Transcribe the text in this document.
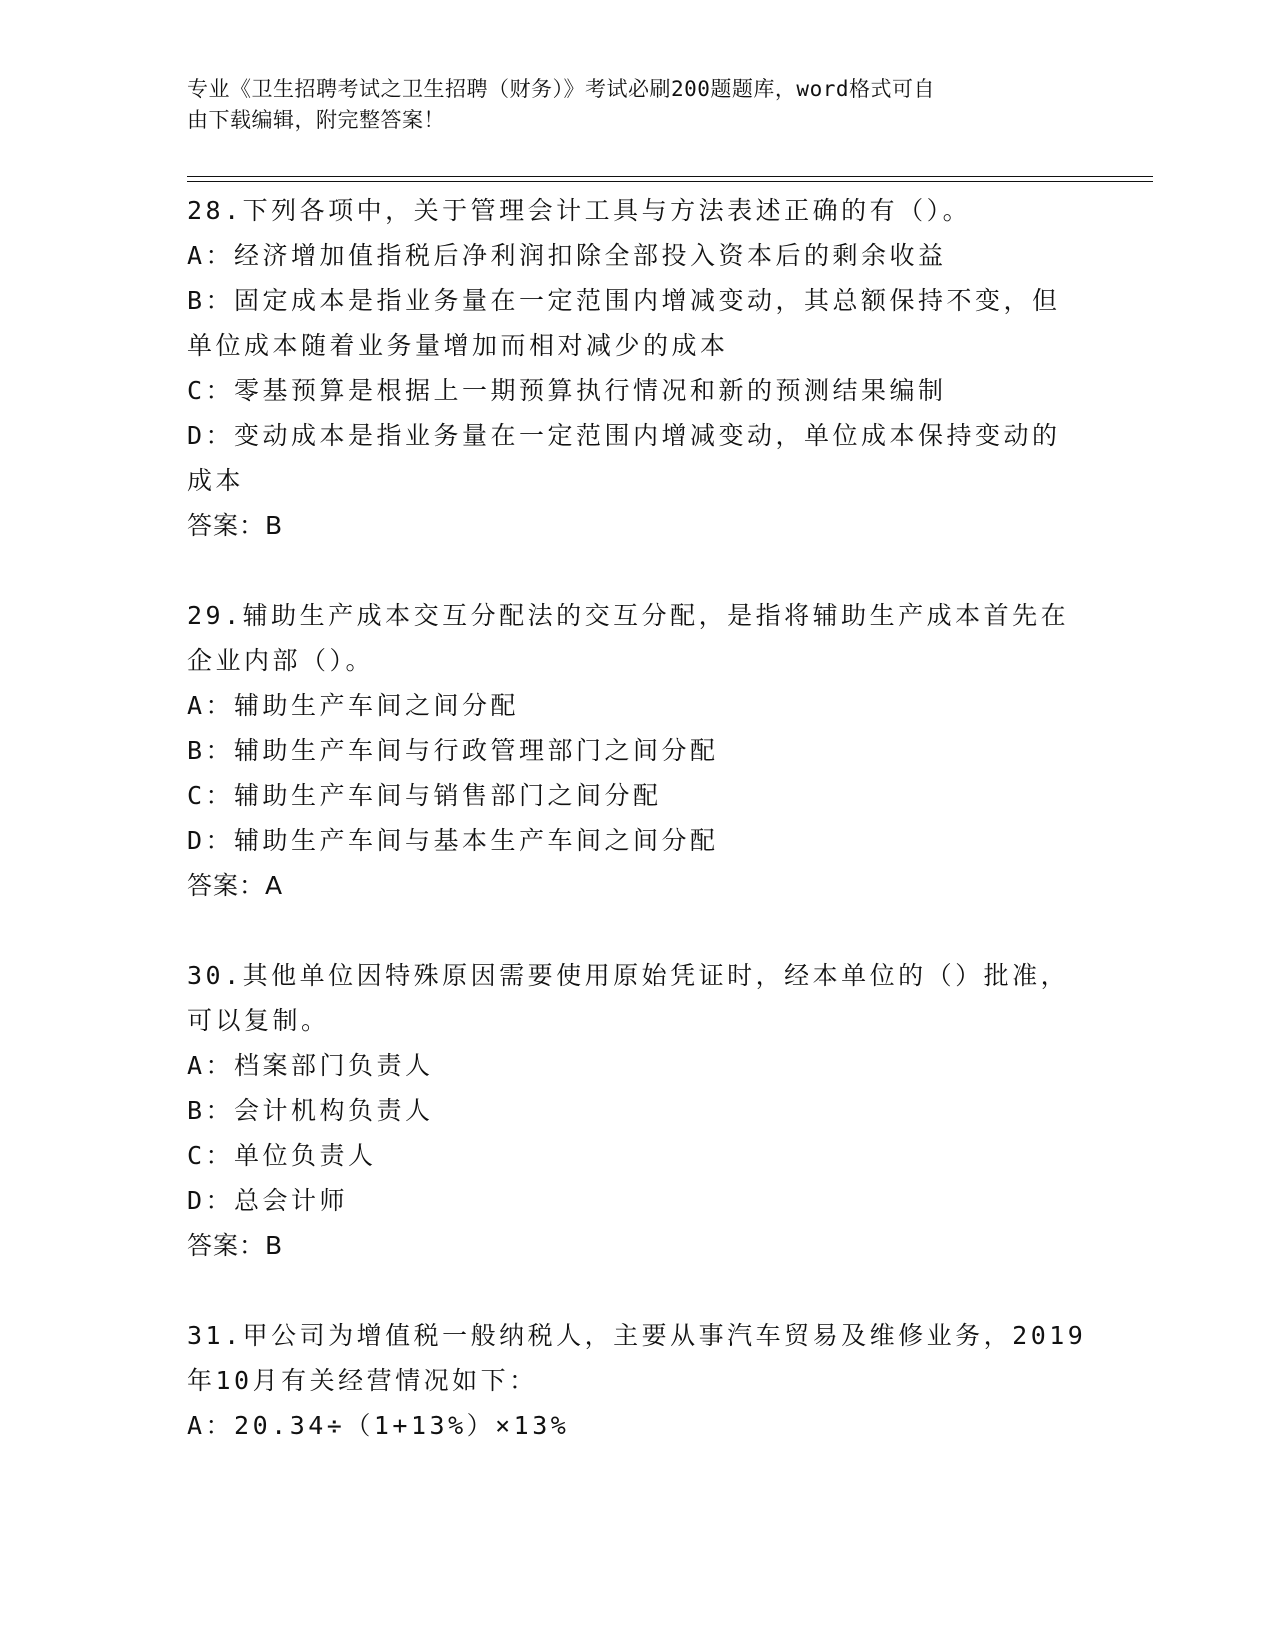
专业《卫生招聘考试之卫生招聘（财务）》考试必刷200题题库，word格式可自
由下载编辑，附完整答案！
28.下列各项中，关于管理会计工具与方法表述正确的有（）。
A：经济增加值指税后净利润扣除全部投入资本后的剩余收益
B：固定成本是指业务量在一定范围内增减变动，其总额保持不变，但
单位成本随着业务量增加而相对减少的成本
C：零基预算是根据上一期预算执行情况和新的预测结果编制
D：变动成本是指业务量在一定范围内增减变动，单位成本保持变动的
成本
答案：B
29.辅助生产成本交互分配法的交互分配，是指将辅助生产成本首先在
企业内部（）。
A：辅助生产车间之间分配
B：辅助生产车间与行政管理部门之间分配
C：辅助生产车间与销售部门之间分配
D：辅助生产车间与基本生产车间之间分配
答案：A
30.其他单位因特殊原因需要使用原始凭证时，经本单位的（）批准，
可以复制。
A：档案部门负责人
B：会计机构负责人
C：单位负责人
D：总会计师
答案：B
31.甲公司为增值税一般纳税人，主要从事汽车贸易及维修业务，2019
年10月有关经营情况如下：
A：20.34÷（1+13%）×13%
